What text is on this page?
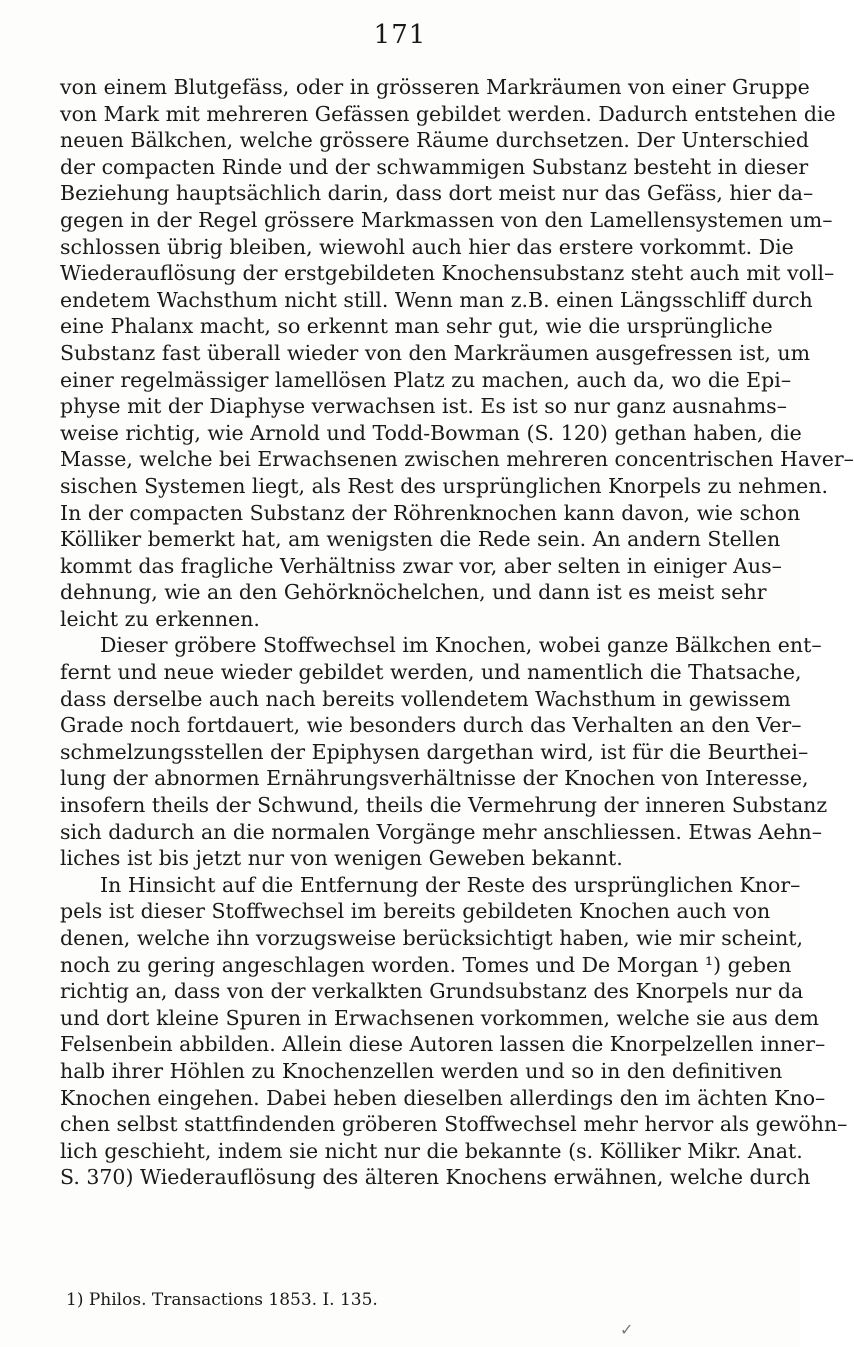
171
von einem Blutgefäss, oder in grösseren Markräumen von einer Gruppe
von Mark mit mehreren Gefässen gebildet werden. Dadurch entstehen die
neuen Bälkchen, welche grössere Räume durchsetzen. Der Unterschied
der compacten Rinde und der schwammigen Substanz besteht in dieser
Beziehung hauptsächlich darin, dass dort meist nur das Gefäss, hier da–
gegen in der Regel grössere Markmassen von den Lamellensystemen um–
schlossen übrig bleiben, wiewohl auch hier das erstere vorkommt. Die
Wiederauflösung der erstgebildeten Knochensubstanz steht auch mit voll–
endetem Wachsthum nicht still. Wenn man z.B. einen Längsschliff durch
eine Phalanx macht, so erkennt man sehr gut, wie die ursprüngliche
Substanz fast überall wieder von den Markräumen ausgefressen ist, um
einer regelmässiger lamellösen Platz zu machen, auch da, wo die Epi–
physe mit der Diaphyse verwachsen ist. Es ist so nur ganz ausnahms–
weise richtig, wie Arnold und Todd-Bowman (S. 120) gethan haben, die
Masse, welche bei Erwachsenen zwischen mehreren concentrischen Haver–
sischen Systemen liegt, als Rest des ursprünglichen Knorpels zu nehmen.
In der compacten Substanz der Röhrenknochen kann davon, wie schon
Kölliker bemerkt hat, am wenigsten die Rede sein. An andern Stellen
kommt das fragliche Verhältniss zwar vor, aber selten in einiger Aus–
dehnung, wie an den Gehörknöchelchen, und dann ist es meist sehr
leicht zu erkennen.
Dieser gröbere Stoffwechsel im Knochen, wobei ganze Bälkchen ent–
fernt und neue wieder gebildet werden, und namentlich die Thatsache,
dass derselbe auch nach bereits vollendetem Wachsthum in gewissem
Grade noch fortdauert, wie besonders durch das Verhalten an den Ver–
schmelzungsstellen der Epiphysen dargethan wird, ist für die Beurthei–
lung der abnormen Ernährungsverhältnisse der Knochen von Interesse,
insofern theils der Schwund, theils die Vermehrung der inneren Substanz
sich dadurch an die normalen Vorgänge mehr anschliessen. Etwas Aehn–
liches ist bis jetzt nur von wenigen Geweben bekannt.
In Hinsicht auf die Entfernung der Reste des ursprünglichen Knor–
pels ist dieser Stoffwechsel im bereits gebildeten Knochen auch von
denen, welche ihn vorzugsweise berücksichtigt haben, wie mir scheint,
noch zu gering angeschlagen worden. Tomes und De Morgan ¹) geben
richtig an, dass von der verkalkten Grundsubstanz des Knorpels nur da
und dort kleine Spuren in Erwachsenen vorkommen, welche sie aus dem
Felsenbein abbilden. Allein diese Autoren lassen die Knorpelzellen inner–
halb ihrer Höhlen zu Knochenzellen werden und so in den definitiven
Knochen eingehen. Dabei heben dieselben allerdings den im ächten Kno–
chen selbst stattfindenden gröberen Stoffwechsel mehr hervor als gewöhn–
lich geschieht, indem sie nicht nur die bekannte (s. Kölliker Mikr. Anat.
S. 370) Wiederauflösung des älteren Knochens erwähnen, welche durch
1) Philos. Transactions 1853. I. 135.
✓
